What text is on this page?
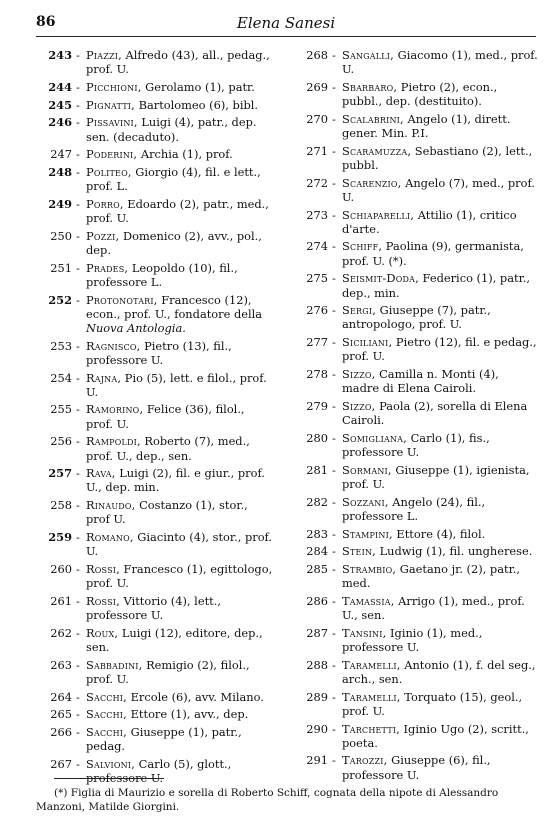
86	Elena Sanesi
243 - Piazzi, Alfredo (43), all., pedag., prof. U.
244 - Picchioni, Gerolamo (1), patr.
245 - Pignatti, Bartolomeo (6), bibl.
246 - Pissavini, Luigi (4), patr., dep. sen. (decaduto).
247 - Poderini, Archia (1), prof.
248 - Politeo, Giorgio (4), fil. e lett., prof. L.
249 - Porro, Edoardo (2), patr., med., prof. U.
250 - Pozzi, Domenico (2), avv., pol., dep.
251 - Prades, Leopoldo (10), fil., professore L.
252 - Protonotari, Francesco (12), econ., prof. U., fondatore della Nuova Antologia.
253 - Ragnisco, Pietro (13), fil., professore U.
254 - Rajna, Pio (5), lett. e filol., prof. U.
255 - Ramorino, Felice (36), filol., prof. U.
256 - Rampoldi, Roberto (7), med., prof. U., dep., sen.
257 - Rava, Luigi (2), fil. e giur., prof. U., dep. min.
258 - Rinaudo, Costanzo (1), stor., prof U.
259 - Romano, Giacinto (4), stor., prof. U.
260 - Rossi, Francesco (1), egittologo, prof. U.
261 - Rossi, Vittorio (4), lett., professore U.
262 - Roux, Luigi (12), editore, dep., sen.
263 - Sabbadini, Remigio (2), filol., prof. U.
264 - Sacchi, Ercole (6), avv. Milano.
265 - Sacchi, Ettore (1), avv., dep.
266 - Sacchi, Giuseppe (1), patr., pedag.
267 - Salvioni, Carlo (5), glott., professore U.
268 - Sangalli, Giacomo (1), med., prof. U.
269 - Sbarbaro, Pietro (2), econ., pubbl., dep. (destituito).
270 - Scalabrini, Angelo (1), dirett. gener. Min. P.I.
271 - Scaramuzza, Sebastiano (2), lett., pubbl.
272 - Scarenzio, Angelo (7), med., prof. U.
273 - Schiaparelli, Attilio (1), critico d'arte.
274 - Schiff, Paolina (9), germanista, prof. U. (*).
275 - Seismit-Doda, Federico (1), patr., dep., min.
276 - Sergi, Giuseppe (7), patr., antropologo, prof. U.
277 - Siciliani, Pietro (12), fil. e pedag., prof. U.
278 - Sizzo, Camilla n. Monti (4), madre di Elena Cairoli.
279 - Sizzo, Paola (2), sorella di Elena Cairoli.
280 - Somigliana, Carlo (1), fis., professore U.
281 - Sormani, Giuseppe (1), igienista, prof. U.
282 - Sozzani, Angelo (24), fil., professore L.
283 - Stampini, Ettore (4), filol.
284 - Stein, Ludwig (1), fil. ungherese.
285 - Strambio, Gaetano jr. (2), patr., med.
286 - Tamassia, Arrigo (1), med., prof. U., sen.
287 - Tansini, Iginio (1), med., professore U.
288 - Taramelli, Antonio (1), f. del seg., arch., sen.
289 - Taramelli, Torquato (15), geol., prof. U.
290 - Tarchetti, Iginio Ugo (2), scritt., poeta.
291 - Tarozzi, Giuseppe (6), fil., professore U.
(*) Figlia di Maurizio e sorella di Roberto Schiff, cognata della nipote di Alessandro Manzoni, Matilde Giorgini.
